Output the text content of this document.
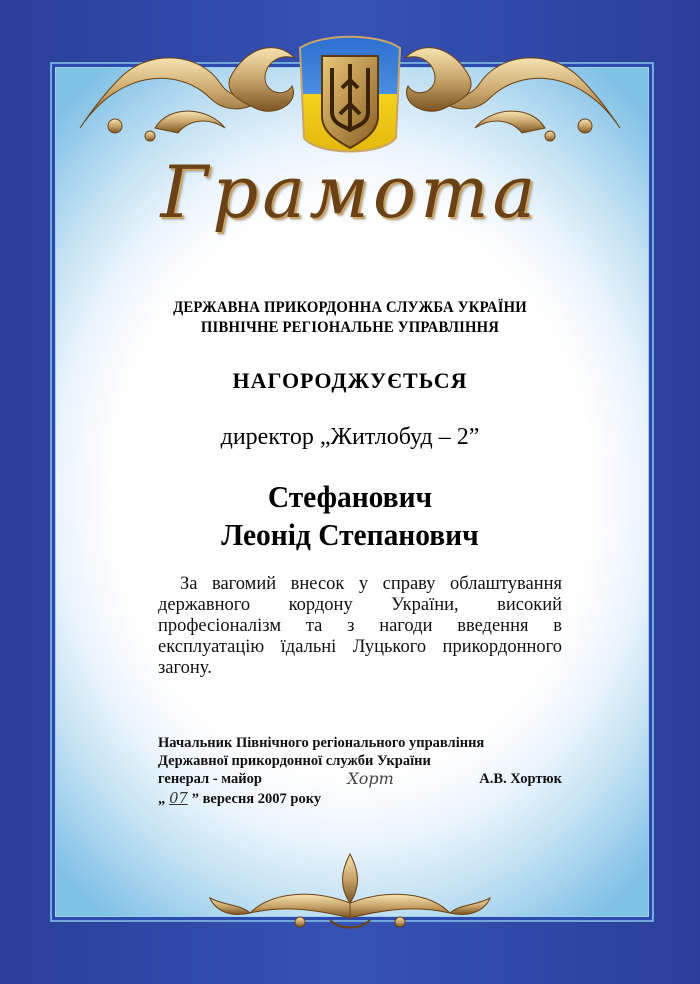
Грамота
ДЕРЖАВНА ПРИКОРДОННА СЛУЖБА УКРАЇНИ
ПІВНІЧНЕ РЕГІОНАЛЬНЕ УПРАВЛІННЯ
НАГОРОДЖУЄТЬСЯ
директор „Житлобуд – 2”
Стефанович
Леонід Степанович
За вагомий внесок у справу облаштування державного кордону України, високий професіоналізм та з нагоди введення в експлуатацію їдальні Луцького прикордонного загону.
Начальник Північного регіонального управління
Державної прикордонної служби України
генерал - майор	Хорт	А.В. Хортюк
„ 07 ” вересня 2007 року
